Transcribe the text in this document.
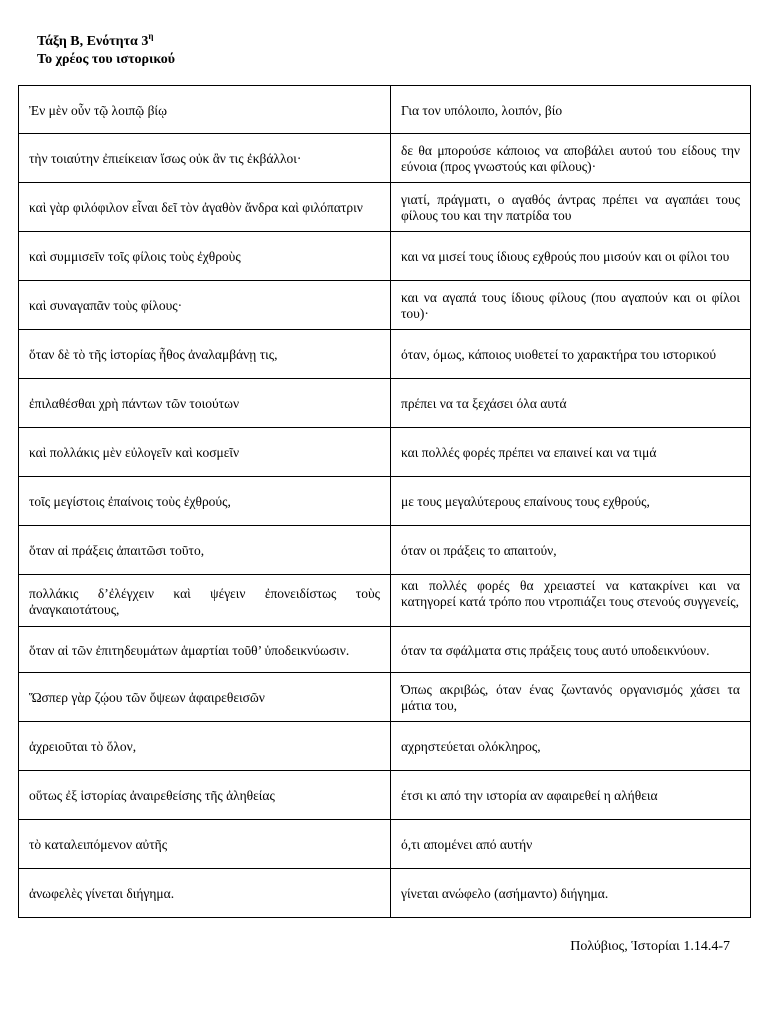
Τάξη Β, Ενότητα $3^\eta$
Το χρέος του ιστορικού
Ἐν μὲν οὖν τῷ λοιπῷ βίῳ	Για τον υπόλοιπο, λοιπόν, βίο
τὴν τοιαύτην ἐπιείκειαν ἴσως οὐκ ἂν τις ἐκβάλλοι·	δε θα μπορούσε κάποιος να αποβάλει αυτού του είδους την εύνοια (προς γνωστούς και φίλους)·
καὶ γὰρ φιλόφιλον εἶναι δεῖ τὸν ἀγαθὸν ἄνδρα καὶ φιλόπατριν	γιατί, πράγματι, ο αγαθός άντρας πρέπει να αγαπάει τους φίλους του και την πατρίδα του
καὶ συμμισεῖν τοῖς φίλοις τοὺς ἐχθροὺς	και να μισεί τους ίδιους εχθρούς που μισούν και οι φίλοι του
καὶ συναγαπᾶν τοὺς φίλους·	και να αγαπά τους ίδιους φίλους (που αγαπούν και οι φίλοι του)·
ὅταν δὲ τὸ τῆς ἱστορίας ἦθος ἀναλαμβάνῃ τις,	όταν, όμως, κάποιος υιοθετεί το χαρακτήρα του ιστορικού
ἐπιλαθέσθαι χρὴ πάντων τῶν τοιούτων	πρέπει να τα ξεχάσει όλα αυτά
καὶ πολλάκις μὲν εὐλογεῖν καὶ κοσμεῖν	και πολλές φορές πρέπει να επαινεί και να τιμά
τοῖς μεγίστοις ἐπαίνοις τοὺς ἐχθρούς,	με τους μεγαλύτερους επαίνους τους εχθρούς,
ὅταν αἱ πράξεις ἀπαιτῶσι τοῦτο,	όταν οι πράξεις το απαιτούν,
πολλάκις δ’ἐλέγχειν καὶ ψέγειν ἐπονειδίστως τοὺς ἀναγκαιοτάτους,	και πολλές φορές θα χρειαστεί να κατακρίνει και να κατηγορεί κατά τρόπο που ντροπιάζει τους στενούς συγγενείς,
ὅταν αἱ τῶν ἐπιτηδευμάτων ἁμαρτίαι τοῦθ’ ὑποδεικνύωσιν.	όταν τα σφάλματα στις πράξεις τους αυτό υποδεικνύουν.
Ὥσπερ γὰρ ζῴου τῶν ὄψεων ἀφαιρεθεισῶν	Όπως ακριβώς, όταν ένας ζωντανός οργανισμός χάσει τα μάτια του,
ἀχρειοῦται τὸ ὅλον,	αχρηστεύεται ολόκληρος,
οὕτως ἐξ ἱστορίας ἀναιρεθείσης τῆς ἀληθείας	έτσι κι από την ιστορία αν αφαιρεθεί η αλήθεια
τὸ καταλειπόμενον αὐτῆς	ό,τι απομένει από αυτήν
ἀνωφελὲς γίνεται διήγημα.	γίνεται ανώφελο (ασήμαντο) διήγημα.
Πολύβιος, Ἱστορίαι 1.14.4-7
